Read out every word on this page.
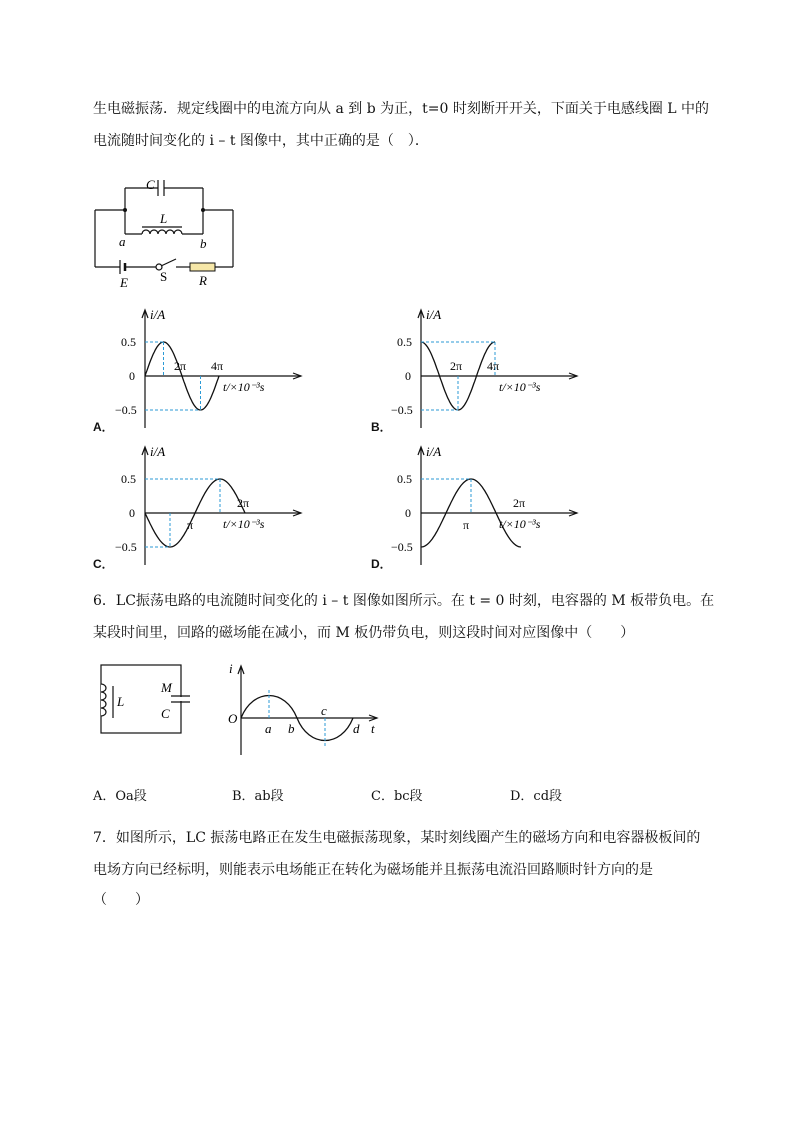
生电磁振荡．规定线圈中的电流方向从 a 到 b 为正，t=0 时刻断开开关，下面关于电感线圈 L 中的
电流随时间变化的 i – t 图像中，其中正确的是（　）．
C
L
a	b
E S R
i/A
0.5
0
−0.5
2π 4π
t/×10⁻³s
i/A
0.5
0
−0.5
2π 4π
t/×10⁻³s
i/A
0.5
0
−0.5
π
2π
t/×10⁻³s
i/A
0.5
0
−0.5
π
2π
t/×10⁻³s
A．	B．
C．	D．
6．LC振荡电路的电流随时间变化的 i – t 图像如图所示。在 t = 0 时刻，电容器的 M 板带负电。在
某段时间里，回路的磁场能在减小，而 M 板仍带负电，则这段时间对应图像中（　　）
L
M
C
i
O
a b
c
d t
A．Oa段	B．ab段	C．bc段	D．cd段
7．如图所示，LC 振荡电路正在发生电磁振荡现象，某时刻线圈产生的磁场方向和电容器极板间的
电场方向已经标明，则能表示电场能正在转化为磁场能并且振荡电流沿回路顺时针方向的是
（　　）
